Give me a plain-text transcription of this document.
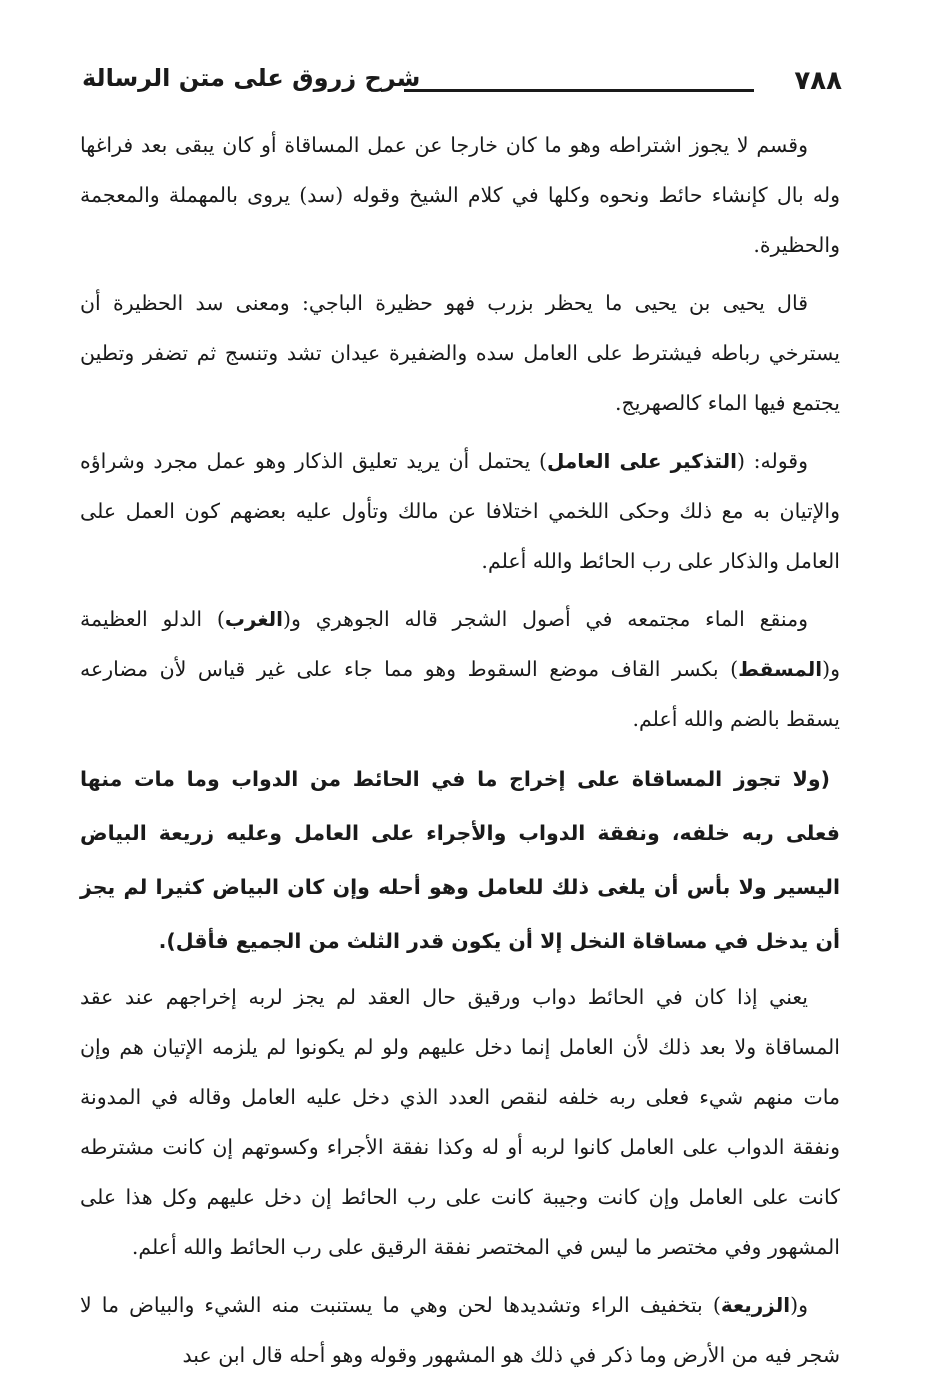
٧٨٨
شرح زروق على متن الرسالة

وقسم لا يجوز اشتراطه وهو ما كان خارجا عن عمل المساقاة أو كان يبقى بعد فراغها وله بال كإنشاء حائط ونحوه وكلها في كلام الشيخ وقوله (سد) يروى بالمهملة والمعجمة والحظيرة.

قال يحيى بن يحيى ما يحظر بزرب فهو حظيرة الباجي: ومعنى سد الحظيرة أن يسترخي رباطه فيشترط على العامل سده والضفيرة عيدان تشد وتنسج ثم تضفر وتطين يجتمع فيها الماء كالصهريج.

وقوله: (التذكير على العامل) يحتمل أن يريد تعليق الذكار وهو عمل مجرد وشراؤه والإتيان به مع ذلك وحكى اللخمي اختلافا عن مالك وتأول عليه بعضهم كون العمل على العامل والذكار على رب الحائط والله أعلم.

ومنقع الماء مجتمعه في أصول الشجر قاله الجوهري و(الغرب) الدلو العظيمة و(المسقط) بكسر القاف موضع السقوط وهو مما جاء على غير قياس لأن مضارعه يسقط بالضم والله أعلم.

(ولا تجوز المساقاة على إخراج ما في الحائط من الدواب وما مات منها فعلى ربه خلفه، ونفقة الدواب والأجراء على العامل وعليه زريعة البياض اليسير ولا بأس أن يلغى ذلك للعامل وهو أحله وإن كان البياض كثيرا لم يجز أن يدخل في مساقاة النخل إلا أن يكون قدر الثلث من الجميع فأقل).

يعني إذا كان في الحائط دواب ورقيق حال العقد لم يجز لربه إخراجهم عند عقد المساقاة ولا بعد ذلك لأن العامل إنما دخل عليهم ولو لم يكونوا لم يلزمه الإتيان هم وإن مات منهم شيء فعلى ربه خلفه لنقص العدد الذي دخل عليه العامل وقاله في المدونة ونفقة الدواب على العامل كانوا لربه أو له وكذا نفقة الأجراء وكسوتهم إن كانت مشترطه كانت على العامل وإن كانت وجيبة كانت على رب الحائط إن دخل عليهم وكل هذا على المشهور وفي مختصر ما ليس في المختصر نفقة الرقيق على رب الحائط والله أعلم.

و(الزريعة) بتخفيف الراء وتشديدها لحن وهي ما يستنبت منه الشيء والبياض ما لا شجر فيه من الأرض وما ذكر في ذلك هو المشهور وقوله وهو أحله قال ابن عبد
